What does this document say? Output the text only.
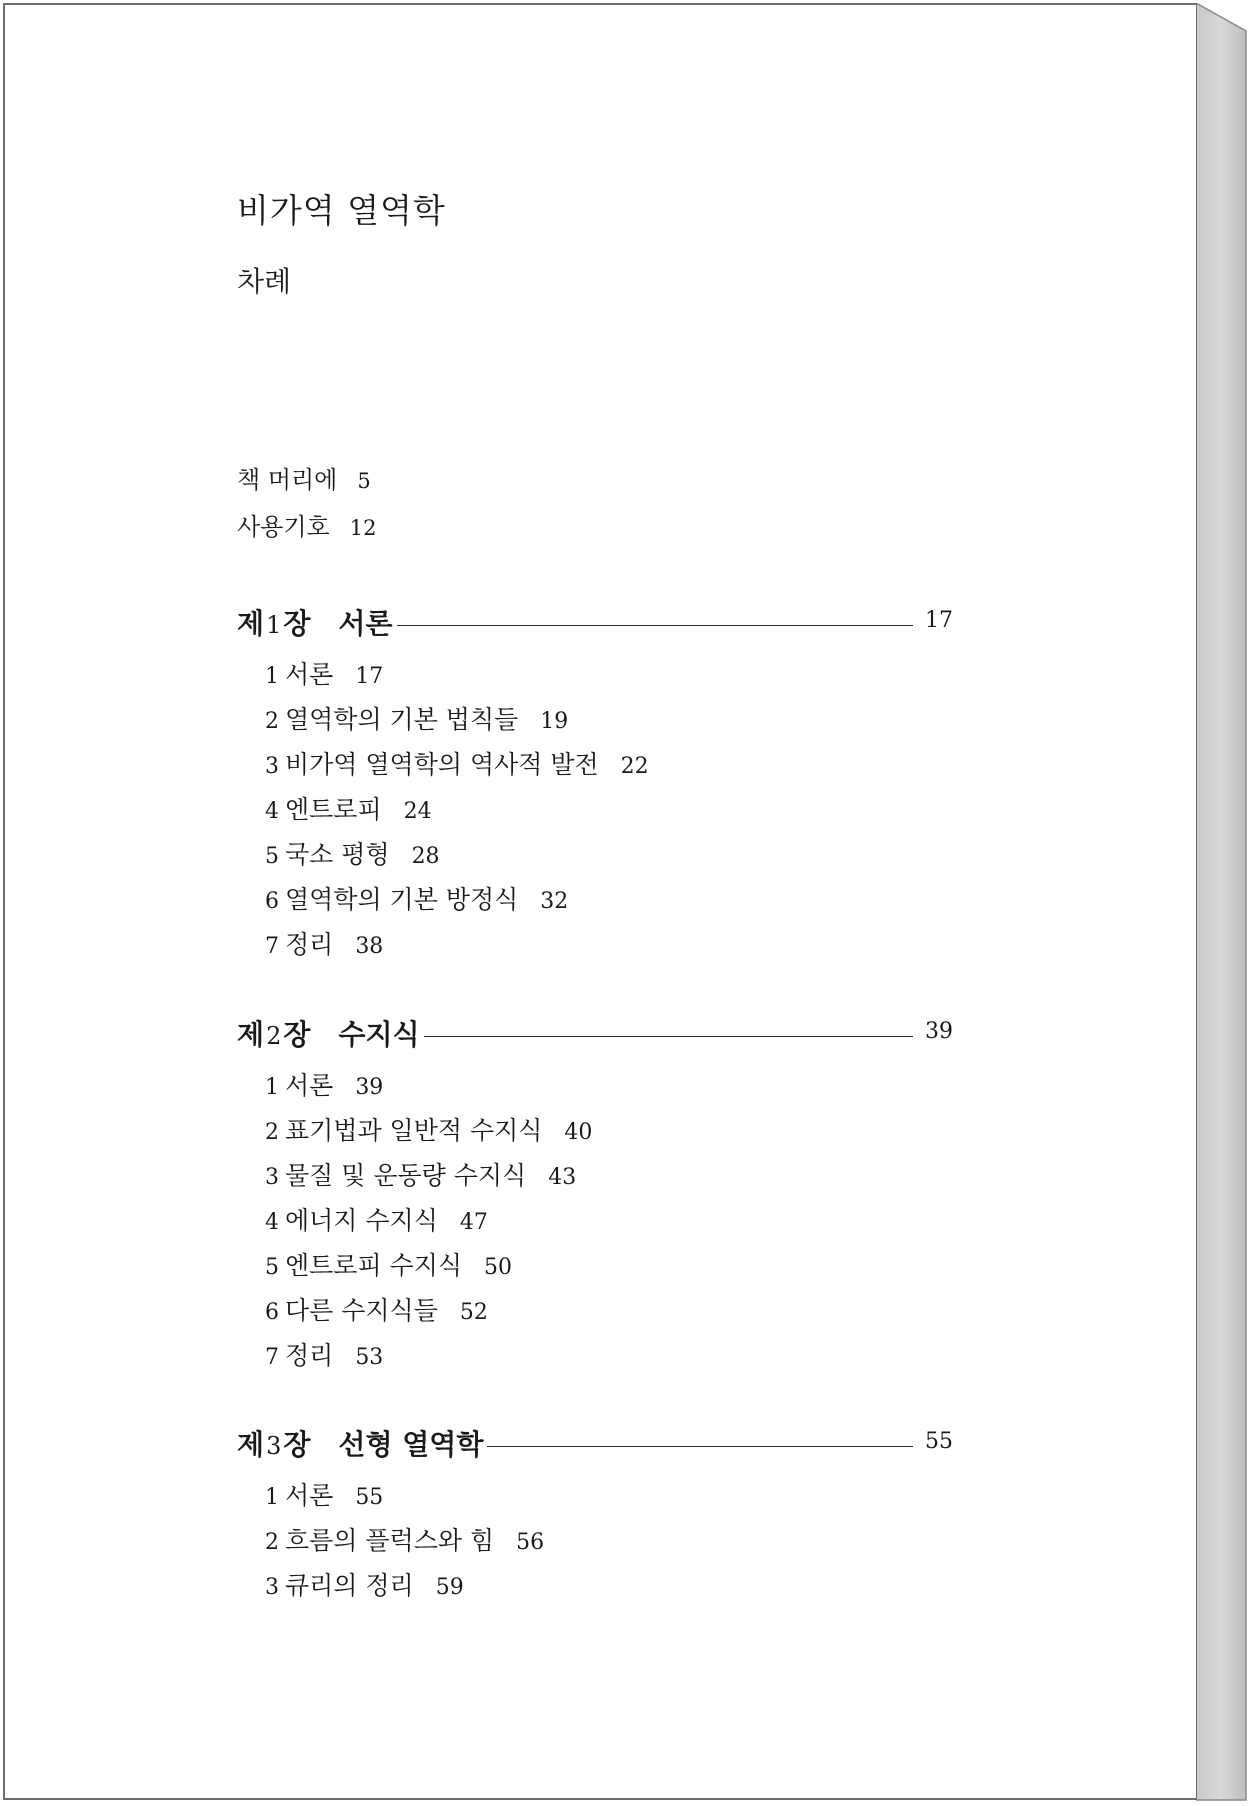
비가역 열역학
차례
책 머리에 5
사용기호 12
제1장 서론	17
1 서론 17
2 열역학의 기본 법칙들 19
3 비가역 열역학의 역사적 발전 22
4 엔트로피 24
5 국소 평형 28
6 열역학의 기본 방정식 32
7 정리 38
제2장 수지식	39
1 서론 39
2 표기법과 일반적 수지식 40
3 물질 및 운동량 수지식 43
4 에너지 수지식 47
5 엔트로피 수지식 50
6 다른 수지식들 52
7 정리 53
제3장 선형 열역학	55
1 서론 55
2 흐름의 플럭스와 힘 56
3 큐리의 정리 59
